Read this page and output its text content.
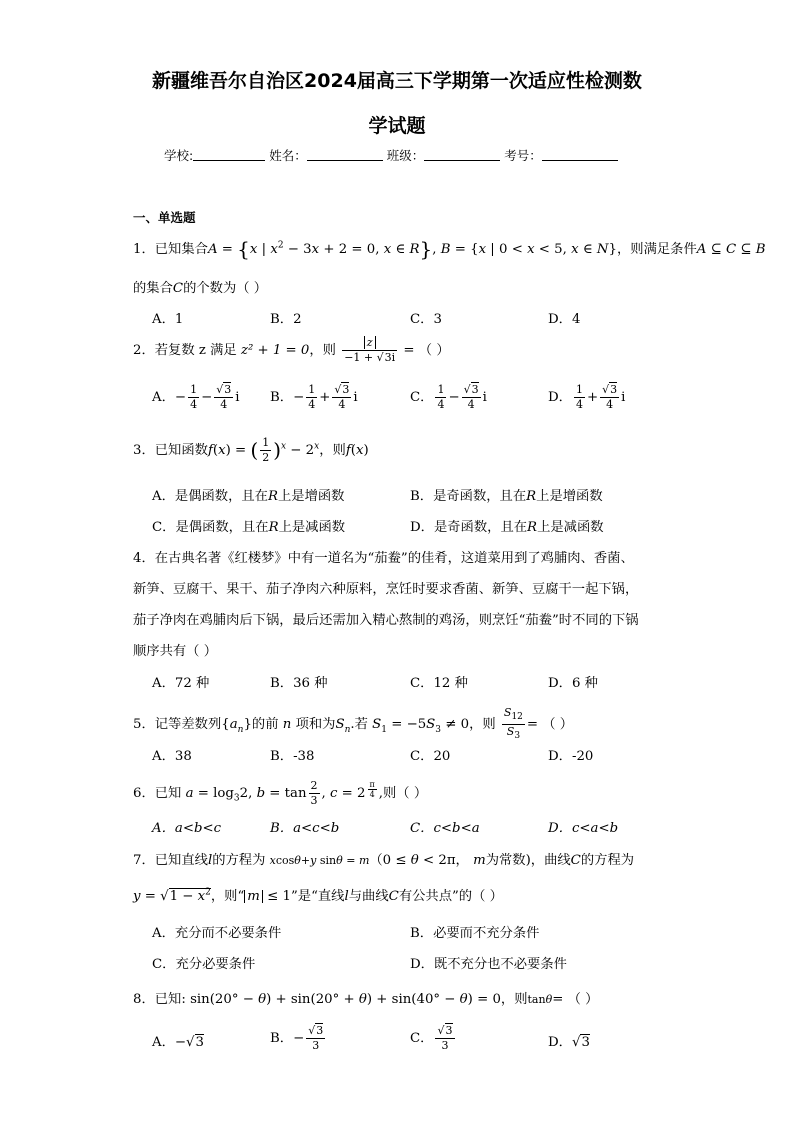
新疆维吾尔自治区2024届高三下学期第一次适应性检测数
学试题
学校:	姓名：	班级：	考号：
一、单选题
1．已知集合A = {x | $x^2 - 3x + 2 = 0$, x ∈ R}, B = {x | 0 < x < 5, x ∈ N}，则满足条件A ⊆ C ⊆ B
的集合C的个数为（ ）
A．1	B．2	C．3	D．4
2．若复数 z 满足 z² + 1 = 0，则 $\frac{z}{-1 + √3i}$ = （ ）
A．− $\frac{1}{4} - \frac{√3}{4}$ i B．− $\frac{1}{4} + \frac{√3}{4}$ i	C． $\frac{1}{4} - \frac{√3}{4}$ i	D． $\frac{1}{4} + \frac{√3}{4}$ i
3．已知函数f(x) = ( $\frac{1}{2} )^x - 2^x$，则f(x)
A．是偶函数，且在R上是增函数	B．是奇函数，且在R上是增函数
C．是偶函数，且在R上是减函数	D．是奇函数，且在R上是减函数
4．在古典名著《红楼梦》中有一道名为“茄鲞”的佳肴，这道菜用到了鸡脯肉、香菌、
新笋、豆腐干、果干、茄子净肉六种原料，烹饪时要求香菌、新笋、豆腐干一起下锅，
茄子净肉在鸡脯肉后下锅，最后还需加入精心熬制的鸡汤，则烹饪“茄鲞”时不同的下锅
顺序共有（ ）
A．72 种	B．36 种	C．12 种	D．6 种
5．记等差数列$\{a_n\}$的前 n 项和为$S_n$.若 $S_1 = -5S_3 \ne 0$，则 $\frac{S_{12}}{S_3}$ = （ ）
A．38	B．-38	C．20	D．-20
6．已知 $a = \log_32$, $b = \tan \frac{2}{3}$ , c = 2 $^{\frac{\pi}{4}}$ ,则（ ）
A．a<b<c	B．a<c<b	C．c<b<a	D．c<a<b
7．已知直线l的方程为 xcosθ+y sinθ = m（0 ≤ θ < 2π， m为常数)，曲线C的方程为
$y = √1 - x^2$，则“ m ≤ 1”是“直线l与曲线C有公共点”的（ ）
A．充分而不必要条件	B．必要而不充分条件
C．充分必要条件	D．既不充分也不必要条件
8．已知: sin(20° − θ) + sin(20° + θ) + sin(40° − θ) = 0，则tanθ= （ ）
A．−√3	B．− $\frac{√3}{3}$	C． $\frac{√3}{3}$	D．√3
